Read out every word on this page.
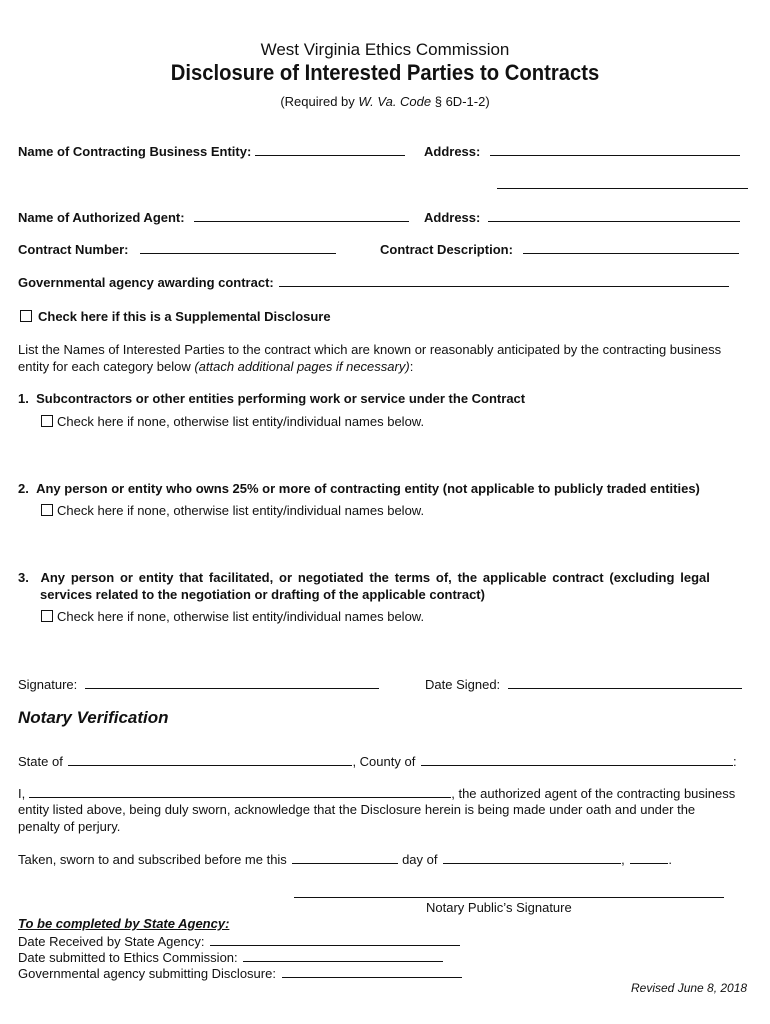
West Virginia Ethics Commission
Disclosure of Interested Parties to Contracts
(Required by W. Va. Code § 6D-1-2)
Name of Contracting Business Entity:	Address:
Name of Authorized Agent:	Address:
Contract Number:	Contract Description:
Governmental agency awarding contract:
Check here if this is a Supplemental Disclosure
List the Names of Interested Parties to the contract which are known or reasonably anticipated by the contracting business
entity for each category below (attach additional pages if necessary):
1. Subcontractors or other entities performing work or service under the Contract
Check here if none, otherwise list entity/individual names below.
2. Any person or entity who owns 25% or more of contracting entity (not applicable to publicly traded entities)
Check here if none, otherwise list entity/individual names below.
3. Any person or entity that facilitated, or negotiated the terms of, the applicable contract (excluding legal
services related to the negotiation or drafting of the applicable contract)
Check here if none, otherwise list entity/individual names below.
Signature:	Date Signed:
Notary Verification
State of	, County of	:
I,	, the authorized agent of the contracting business
entity listed above, being duly sworn, acknowledge that the Disclosure herein is being made under oath and under the
penalty of perjury.
Taken, sworn to and subscribed before me this	day of	,	.
Notary Public’s Signature
To be completed by State Agency:
Date Received by State Agency:
Date submitted to Ethics Commission:
Governmental agency submitting Disclosure:
Revised June 8, 2018
